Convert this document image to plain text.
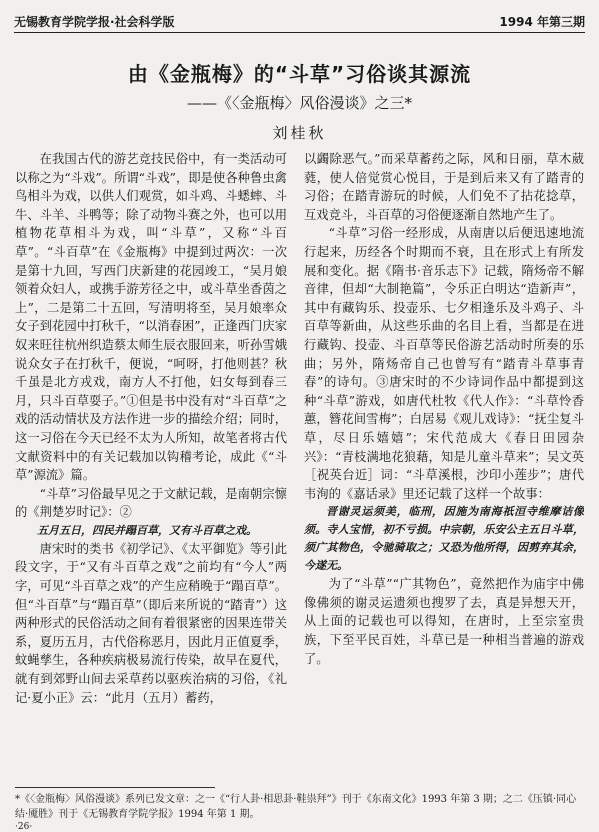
无锡教育学院学报·社会科学版	1994 年第三期
由《金瓶梅》的“斗草”习俗谈其源流
——《〈金瓶梅〉风俗漫谈》之三*
刘桂秋

在我国古代的游艺竞技民俗中，有一类活动可以称之为“斗戏”。所谓“斗戏”，即是使各种鲁虫禽鸟相斗为戏，以供人们观赏，如斗鸡、斗蟋蟀、斗牛、斗羊、斗鸭等；除了动物斗赛之外，也可以用植物花草相斗为戏，叫“斗草”，又称“斗百草”。“斗百草”在《金瓶梅》中提到过两次：一次是第十九回，写西门庆新建的花园竣工，“吴月娘领着众妇人，或携手游芳径之中，或斗草坐香茵之上”，二是第二十五回，写清明将至，吴月娘率众女子到花园中打秋千，“以消春困”，正逢西门庆家奴来旺往杭州织造蔡太师生辰衣服回来，听孙雪娥说众女子在打秋千，便说，“呵呀，打他则甚？秋千虽是北方戎戏，南方人不打他，妇女每到春三月，只斗百草耍子。”①但是书中没有对“斗百草”之戏的活动情状及方法作进一步的描绘介绍；同时，这一习俗在今天已经不太为人所知，故笔者将古代文献资料中的有关记载加以钩稽考论，成此《“斗草”源流》篇。

“斗草”习俗最早见之于文献记载，是南朝宗懔的《荆楚岁时记》：②

五月五日，四民并蹋百草，又有斗百草之戏。

唐宋时的类书《初学记》、《太平御览》等引此段文字，于“又有斗百草之戏”之前均有“今人”两字，可见“斗百草之戏”的产生应稍晚于“蹋百草”。但“斗百草”与“蹋百草”（即后来所说的“踏青”）这两种形式的民俗活动之间有着很紧密的因果连带关系，夏历五月，古代俗称恶月，因此月正值夏季，蚊蝇孳生，各种疾病极易流行传染，故早在夏代，就有到郊野山间去采草药以驱疾治病的习俗，《礼记·夏小正》云：“此月（五月）蓄药，

以蠲除恶气。”而采草蓄药之际，风和日丽，草木葳蕤，使人倍觉赏心悦目，于是到后来又有了踏青的习俗；在踏青游玩的时候，人们免不了拈花捻草，互戏竞斗，斗百草的习俗便逐渐自然地产生了。

“斗草”习俗一经形成，从南唐以后便迅速地流行起来，历经各个时期而不衰，且在形式上有所发展和变化。据《隋书·音乐志下》记载，隋炀帝不解音律，但却“大制艳篇”，令乐正白明达“造新声”，其中有藏钩乐、投壶乐、七夕相逢乐及斗鸡子、斗百草等新曲，从这些乐曲的名目上看，当都是在进行藏钩、投壶、斗百草等民俗游艺活动时所奏的乐曲；另外，隋炀帝自己也曾写有“踏青斗草事青春”的诗句。③唐宋时的不少诗词作品中都提到这种“斗草”游戏，如唐代杜牧《代人作》：“斗草怜香蕙，簪花间雪梅”；白居易《观儿戏诗》：“抚尘复斗草，尽日乐嬉嬉”；宋代范成大《春日田园杂兴》：“青枝满地花狼藉，知是儿童斗草来”；吴文英［祝英台近］词：“斗草溪根，沙印小莲步”；唐代韦洵的《嘉话录》里还记载了这样一个故事：

晋谢灵运须美，临刑，因施为南海祇洹寺维摩诘像须。寺人宝惜，初不亏损。中宗朝，乐安公主五日斗草，须广其物色，令驰骑取之；又恐为他所得，因剪弃其余，今遂无。

为了“斗草”“广其物色”，竟然把作为庙宇中佛像佛须的谢灵运遗须也搜罗了去，真是异想天开，从上面的记载也可以得知，在唐时，上至宗室贵族，下至平民百姓，斗草已是一种相当普遍的游戏了。

*《〈金瓶梅〉风俗漫谈》系列已发文章：之一《“行人卦·相思卦·鞋祟拜”》刊于《东南文化》1993 年第 3 期；之二《压镇·同心结·魇胜》刊于《无锡教育学院学报》1994 年第 1 期。
·26·
